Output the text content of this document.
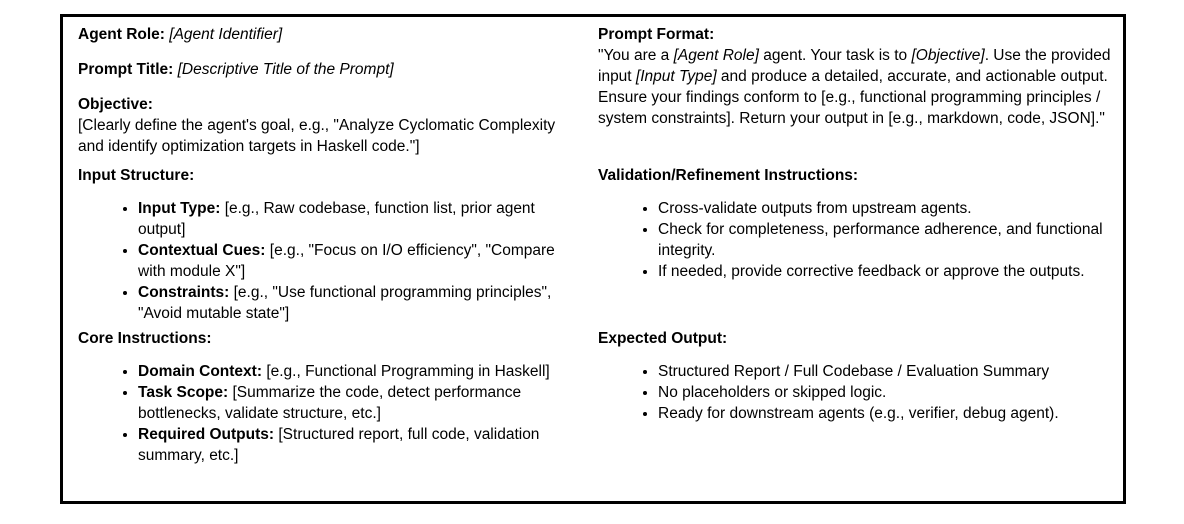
Agent Role: [Agent Identifier]

Prompt Title: [Descriptive Title of the Prompt]

Objective:

[Clearly define the agent's goal, e.g., "Analyze Cyclomatic Complexity and identify optimization targets in Haskell code."]

Prompt Format:

"You are a [Agent Role] agent. Your task is to [Objective]. Use the provided input [Input Type] and produce a detailed, accurate, and actionable output. Ensure your findings conform to [e.g., functional programming principles / system constraints]. Return your output in [e.g., markdown, code, JSON]."

Input Structure:
• Input Type: [e.g., Raw codebase, function list, prior agent output]
• Contextual Cues: [e.g., "Focus on I/O efficiency", "Compare with module X"]
• Constraints: [e.g., "Use functional programming principles", "Avoid mutable state"]
Validation/Refinement Instructions:
• Cross-validate outputs from upstream agents.
• Check for completeness, performance adherence, and functional integrity.
• If needed, provide corrective feedback or approve the outputs.
Core Instructions:
• Domain Context: [e.g., Functional Programming in Haskell]
• Task Scope: [Summarize the code, detect performance bottlenecks, validate structure, etc.]
• Required Outputs: [Structured report, full code, validation summary, etc.]
Expected Output:
• Structured Report / Full Codebase / Evaluation Summary
• No placeholders or skipped logic.
• Ready for downstream agents (e.g., verifier, debug agent).
